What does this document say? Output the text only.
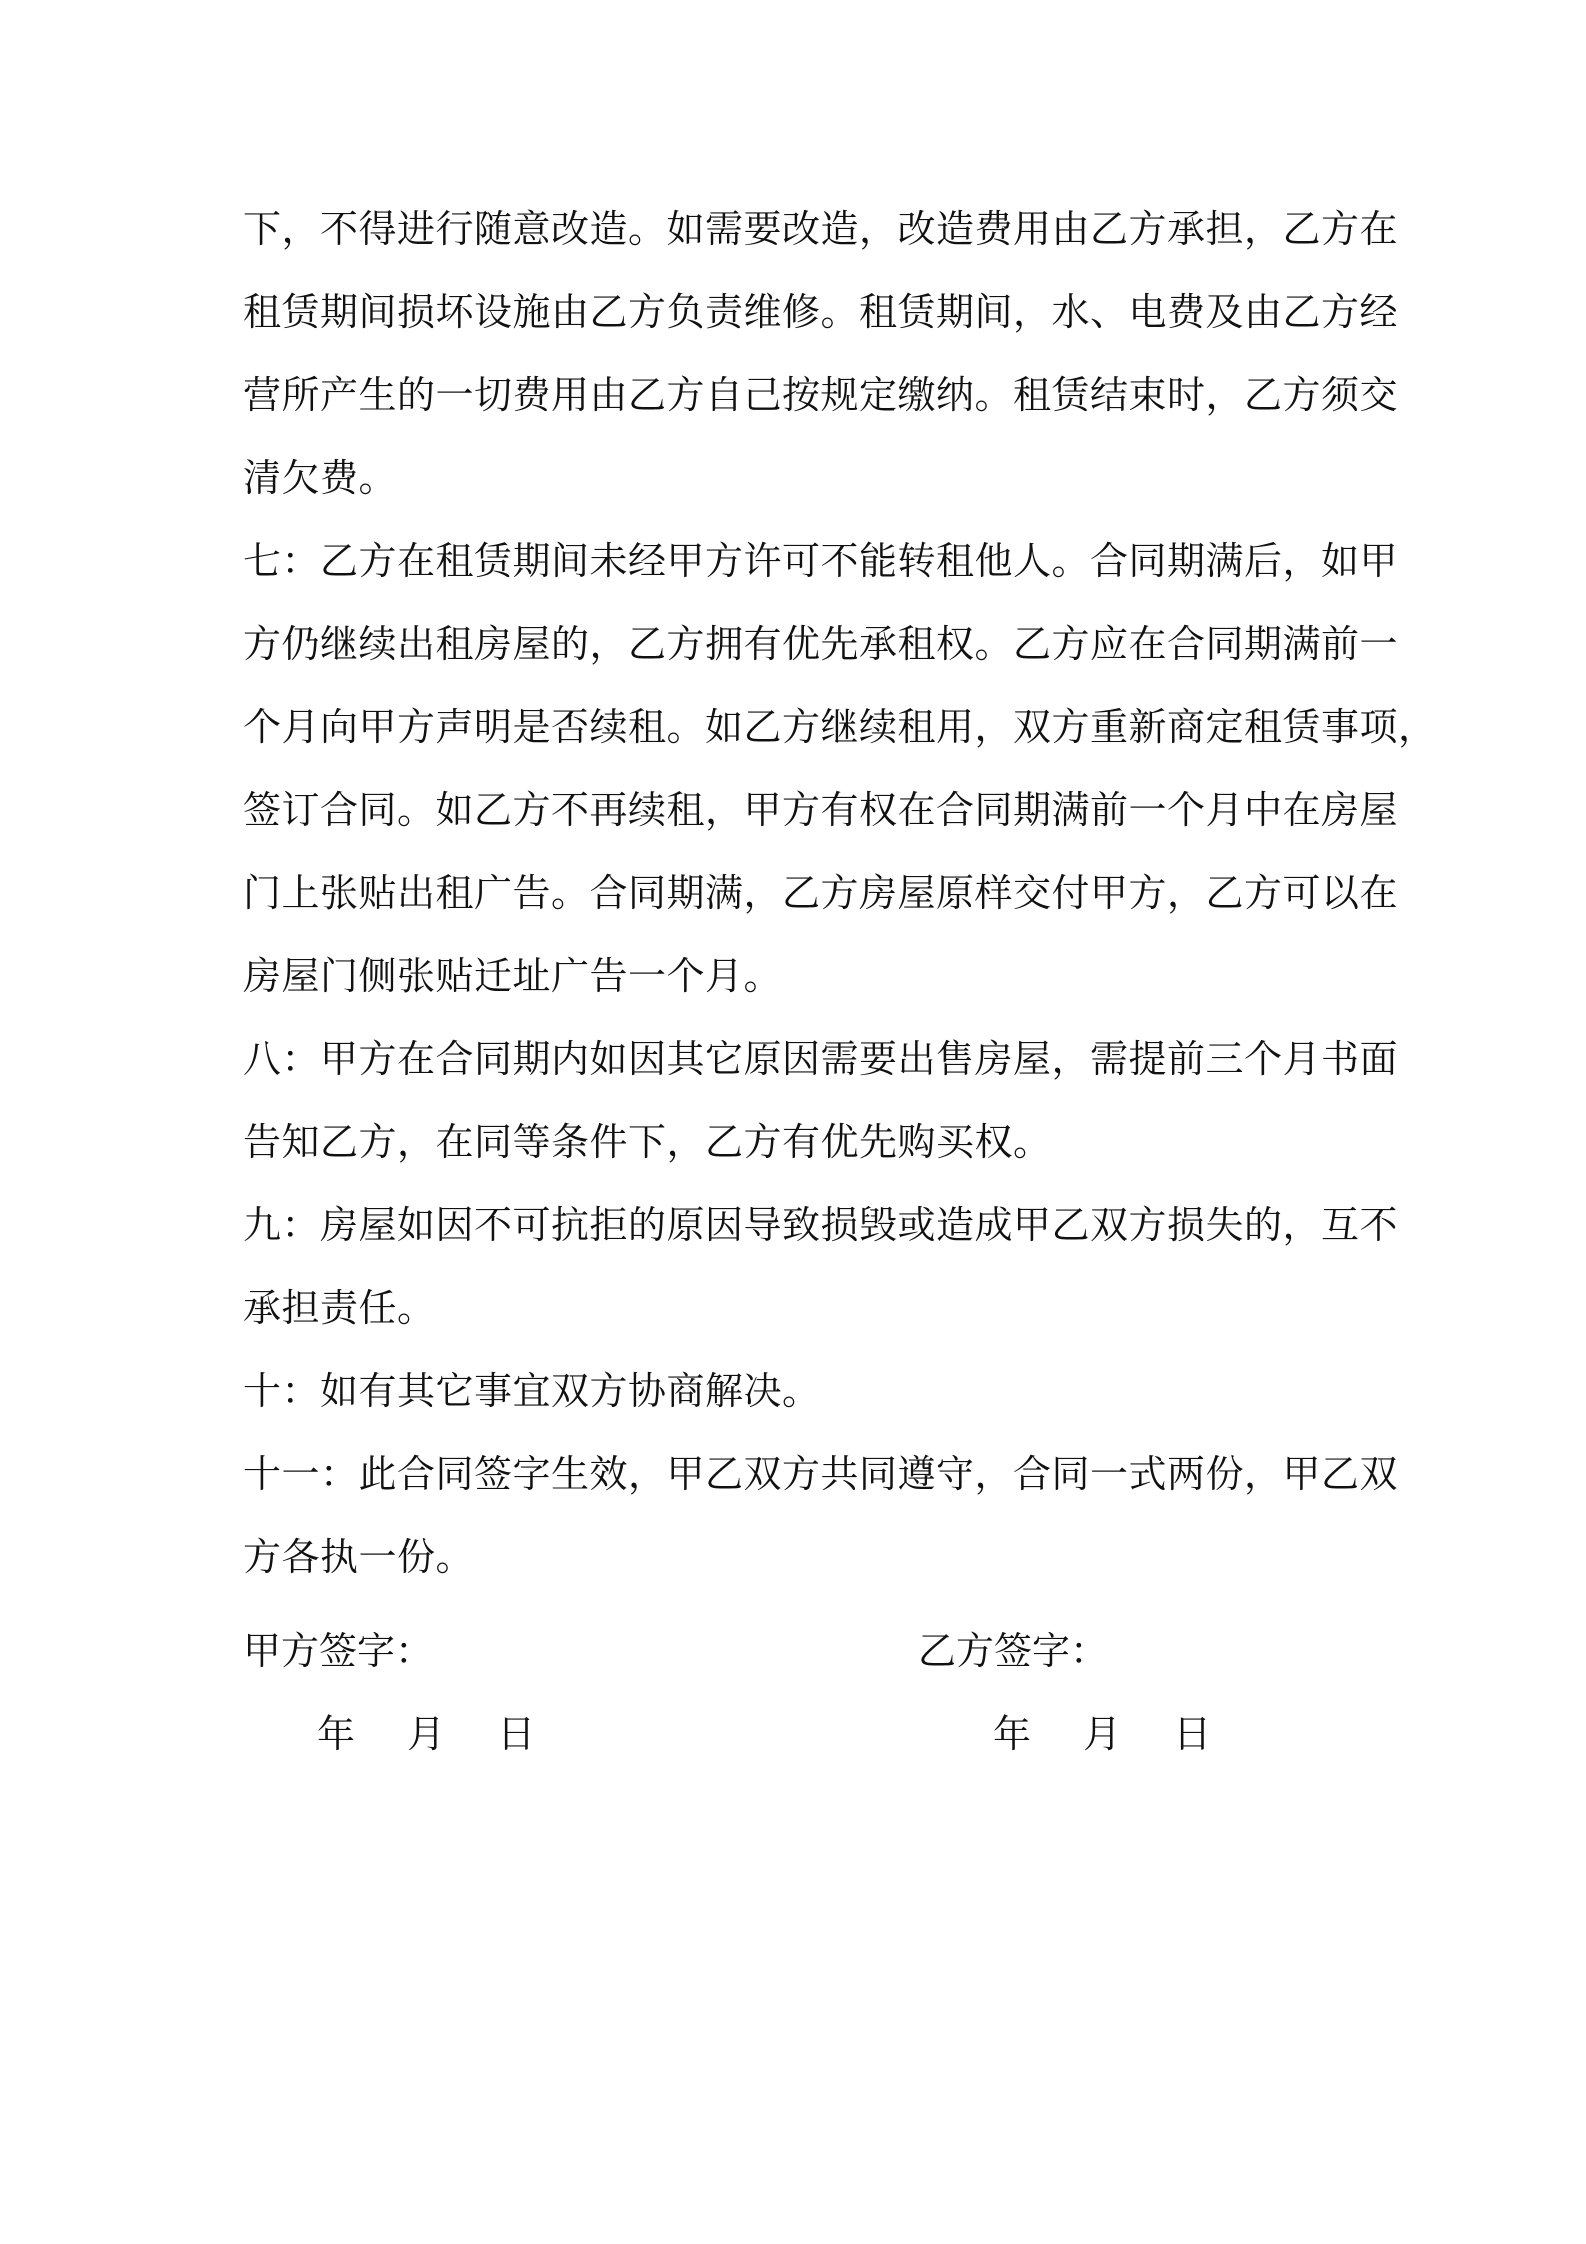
下，不得进行随意改造。如需要改造，改造费用由乙方承担，乙方在
租赁期间损坏设施由乙方负责维修。租赁期间，水、电费及由乙方经
营所产生的一切费用由乙方自己按规定缴纳。租赁结束时，乙方须交
清欠费。
七：乙方在租赁期间未经甲方许可不能转租他人。合同期满后，如甲
方仍继续出租房屋的，乙方拥有优先承租权。乙方应在合同期满前一
个月向甲方声明是否续租。如乙方继续租用，双方重新商定租赁事项，
签订合同。如乙方不再续租，甲方有权在合同期满前一个月中在房屋
门上张贴出租广告。合同期满，乙方房屋原样交付甲方，乙方可以在
房屋门侧张贴迁址广告一个月。
八：甲方在合同期内如因其它原因需要出售房屋，需提前三个月书面
告知乙方，在同等条件下，乙方有优先购买权。
九：房屋如因不可抗拒的原因导致损毁或造成甲乙双方损失的，互不
承担责任。
十：如有其它事宜双方协商解决。
十一：此合同签字生效，甲乙双方共同遵守，合同一式两份，甲乙双
方各执一份。
甲方签字：	乙方签字：
年 月 日	年 月 日
